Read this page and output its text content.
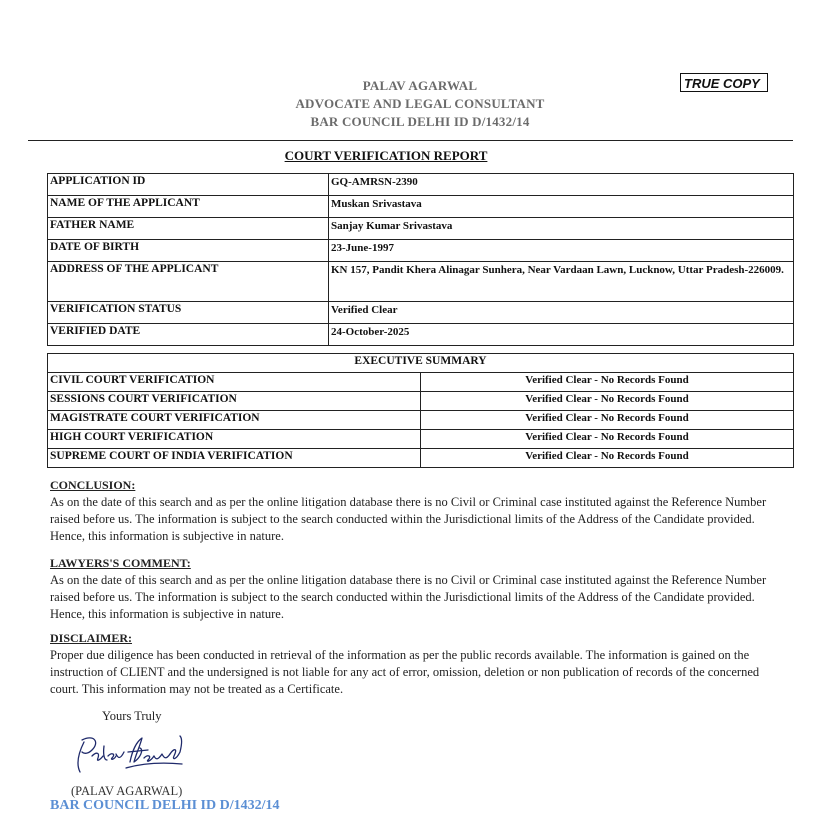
PALAV AGARWAL
ADVOCATE AND LEGAL CONSULTANT
BAR COUNCIL DELHI ID D/1432/14
TRUE COPY
COURT VERIFICATION REPORT
APPLICATION ID	GQ-AMRSN-2390
NAME OF THE APPLICANT	Muskan Srivastava
FATHER NAME	Sanjay Kumar Srivastava
DATE OF BIRTH	23-June-1997
ADDRESS OF THE APPLICANT	KN 157, Pandit Khera Alinagar Sunhera, Near Vardaan Lawn, Lucknow, Uttar Pradesh-226009.
VERIFICATION STATUS	Verified Clear
VERIFIED DATE	24-October-2025
EXECUTIVE SUMMARY	
CIVIL COURT VERIFICATION	Verified Clear - No Records Found
SESSIONS COURT VERIFICATION	Verified Clear - No Records Found
MAGISTRATE COURT VERIFICATION	Verified Clear - No Records Found
HIGH COURT VERIFICATION	Verified Clear - No Records Found
SUPREME COURT OF INDIA VERIFICATION	Verified Clear - No Records Found
CONCLUSION:

As on the date of this search and as per the online litigation database there is no Civil or Criminal case instituted against the Reference Number raised before us. The information is subject to the search conducted within the Jurisdictional limits of the Address of the Candidate provided. Hence, this information is subjective in nature.

LAWYERS'S COMMENT:

As on the date of this search and as per the online litigation database there is no Civil or Criminal case instituted against the Reference Number raised before us. The information is subject to the search conducted within the Jurisdictional limits of the Address of the Candidate provided. Hence, this information is subjective in nature.

DISCLAIMER:

Proper due diligence has been conducted in retrieval of the information as per the public records available. The information is gained on the instruction of CLIENT and the undersigned is not liable for any act of error, omission, deletion or non publication of records of the concerned court. This information may not be treated as a Certificate.

Yours Truly
(PALAV AGARWAL)
BAR COUNCIL DELHI ID D/1432/14
